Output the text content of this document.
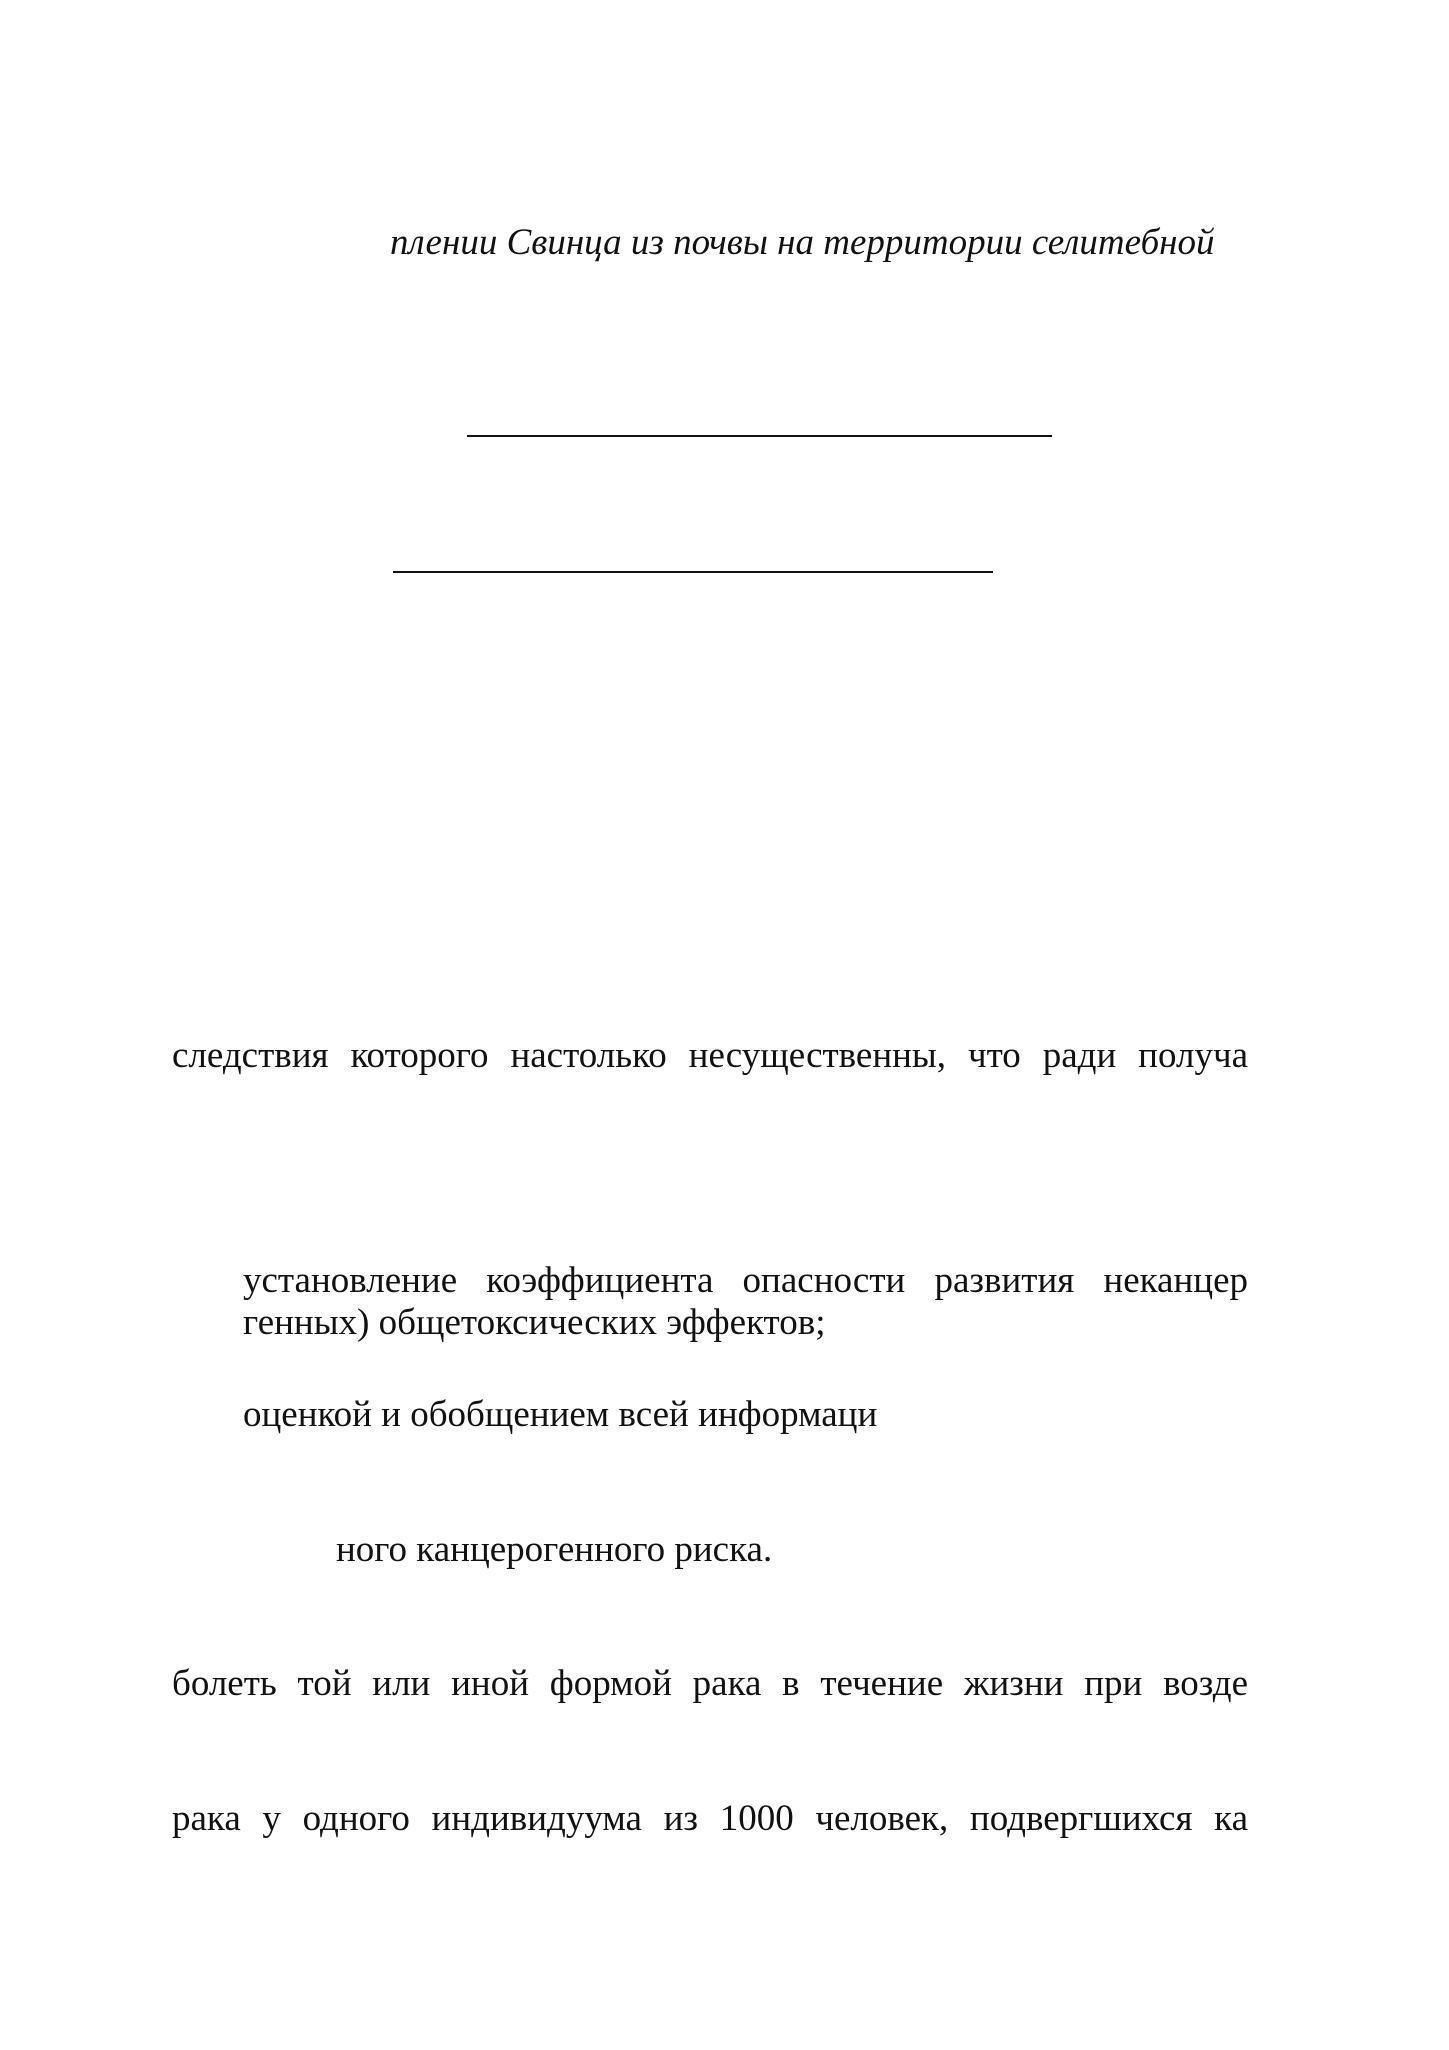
плении Свинца из почвы на территории селитебной
следствия которого настолько несущественны, что ради получа
установление коэффициента опасности развития неканцер
генных) общетоксических эффектов;
оценкой и обобщением всей информаци
ного канцерогенного риска.
болеть той или иной формой рака в течение жизни при возде
рака у одного индивидуума из 1000 человек, подвергшихся ка
